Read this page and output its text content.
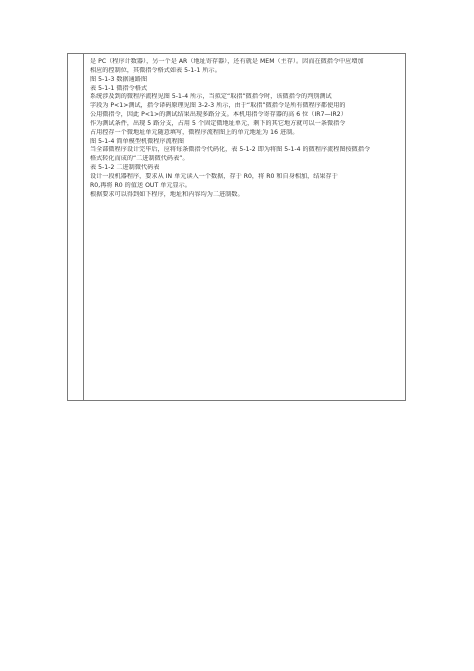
是 PC（程序计数器），另一个是 AR（地址寄存器），还有就是 MEM（主存）。因而在微指令中应增加
相应的控制位，其微指令格式如表 5-1-1 所示。
图 5-1-3 数据通路图
表 5-1-1 微指令格式
系统涉及到的微程序流程见图 5-1-4 所示，当拟定“取指”微指令时，该微指令的判别测试
字段为 P<1>测试，指令译码原理见图 3-2-3 所示，由于“取指”微指令是所有微程序都使用的
公用微指令，因此 P<1>的测试结果出现多路分支。本机用指令寄存器的高 6 位（IR7—IR2）
作为测试条件，出现 5 路分支，占用 5 个固定微地址单元，剩下的其它地方就可以一条微指令
占用控存一个微地址单元随意填写，微程序流程图上的单元地址为 16 进制。
图 5-1-4 简单模型机微程序流程图
当全部微程序设计完毕后，应将每条微指令代码化，表 5-1-2 即为将图 5-1-4 的微程序流程图按微指令
格式转化而成的“二进制微代码表”。
表 5-1-2 二进制微代码表
设计一段机器程序，要求从 IN 单元读入一个数据，存于 R0，将 R0 和自身相加，结果存于
R0,再将 R0 的值送 OUT 单元显示。
根据要求可以得到如下程序，地址和内容均为二进制数。
